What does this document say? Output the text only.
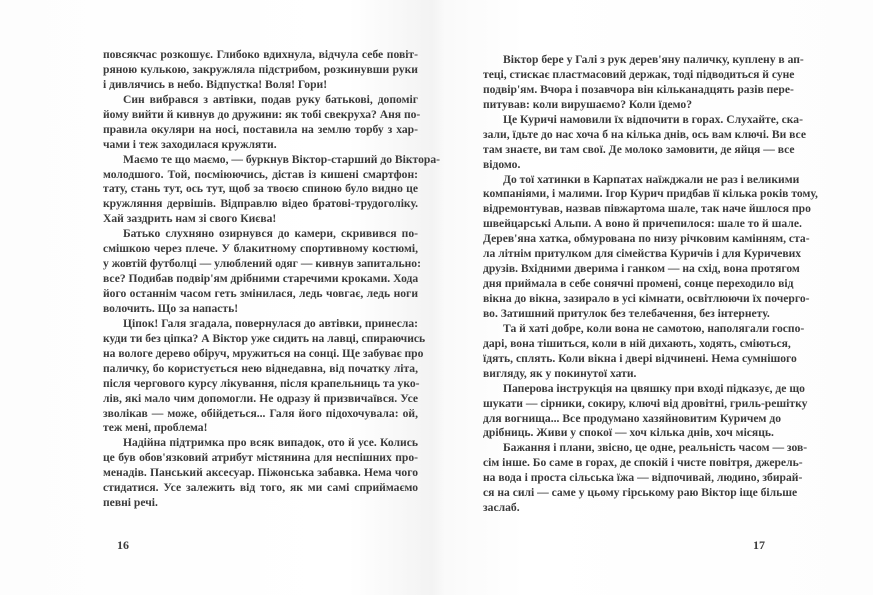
повсякчас розкошує. Глибоко вдихнула, відчула себе повіт-
ряною кулькою, закружляла підстрибом, розкинувши руки
і дивлячись в небо. Відпустка! Воля! Гори!
Син вибрався з автівки, подав руку батькові, допоміг
йому вийти й кивнув до дружини: як тобі свекруха? Аня по-
правила окуляри на носі, поставила на землю торбу з хар-
чами і теж заходилася кружляти.
Маємо те що маємо, — буркнув Віктор-старший до Віктора-
молодшого. Той, посміюючись, дістав із кишені смартфон:
тату, стань тут, ось тут, щоб за твоєю спиною було видно це
кружляння дервішів. Відправлю відео братові-трудоголіку.
Хай заздрить нам зі свого Києва!
Батько слухняно озирнувся до камери, скривився по-
смішкою через плече. У блакитному спортивному костюмі,
у жовтій футболці — улюблений одяг — кивнув запитально:
все? Подибав подвір'ям дрібними старечими кроками. Хода
його останнім часом геть змінилася, ледь човгає, ледь ноги
волочить. Що за напасть!
Ціпок! Галя згадала, повернулася до автівки, принесла:
куди ти без ціпка? А Віктор уже сидить на лавці, спираючись
на вологе дерево обіруч, мружиться на сонці. Ще забуває про
паличку, бо користується нею віднедавна, від початку літа,
після чергового курсу лікування, після крапельниць та уко-
лів, які мало чим допомогли. Не одразу й призвичаївся. Усе
зволікав — може, обійдеться... Галя його підохочувала: ой,
теж мені, проблема!
Надійна підтримка про всяк випадок, ото й усе. Колись
це був обов'язковий атрибут містянина для неспішних про-
менадів. Панський аксесуар. Піжонська забавка. Нема чого
стидатися. Усе залежить від того, як ми самі сприймаємо
певні речі.
Віктор бере у Галі з рук дерев'яну паличку, куплену в ап-
теці, стискає пластмасовий держак, тоді підводиться й суне
подвір'ям. Вчора і позавчора він кільканадцять разів пере-
питував: коли вирушаємо? Коли їдемо?
Це Куричі намовили їх відпочити в горах. Слухайте, ска-
зали, їдьте до нас хоча б на кілька днів, ось вам ключі. Ви все
там знаєте, ви там свої. Де молоко замовити, де яйця — все
відомо.
До тої хатинки в Карпатах наїжджали не раз і великими
компаніями, і малими. Ігор Курич придбав її кілька років тому,
відремонтував, назвав півжартома шале, так наче йшлося про
швейцарські Альпи. А воно й причепилося: шале то й шале.
Дерев'яна хатка, обмурована по низу річковим камінням, ста-
ла літнім притулком для сімейства Куричів і для Куричевих
друзів. Вхідними дверима і ганком — на схід, вона протягом
дня приймала в себе сонячні промені, сонце переходило від
вікна до вікна, зазирало в усі кімнати, освітлюючи їх почерго-
во. Затишний притулок без телебачення, без інтернету.
Та й хаті добре, коли вона не самотою, наполягали госпо-
дарі, вона тішиться, коли в ній дихають, ходять, сміються,
їдять, сплять. Коли вікна і двері відчинені. Нема сумнішого
вигляду, як у покинутої хати.
Паперова інструкція на цвяшку при вході підказує, де що
шукати — сірники, сокиру, ключі від дровітні, гриль-решітку
для вогнища... Все продумано хазяйновитим Куричем до
дрібниць. Живи у спокої — хоч кілька днів, хоч місяць.
Бажання і плани, звісно, це одне, реальність часом — зов-
сім інше. Бо саме в горах, де спокій і чисте повітря, джерель-
на вода і проста сільська їжа — відпочивай, людино, збирай-
ся на силі — саме у цьому гірському раю Віктор іще більше
заслаб.
16	17
